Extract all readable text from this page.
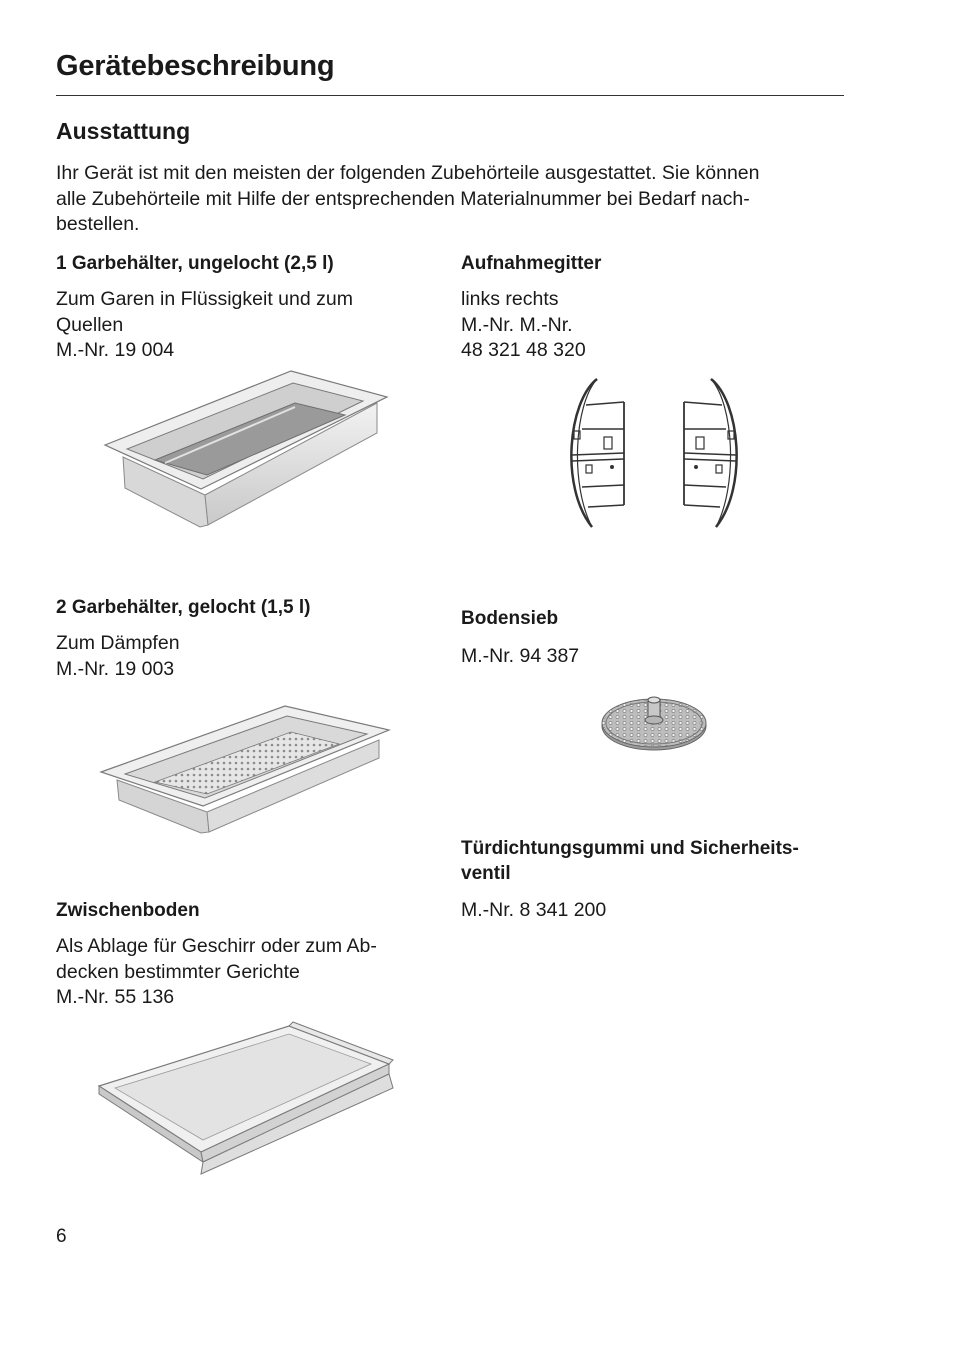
Gerätebeschreibung
Ausstattung
Ihr Gerät ist mit den meisten der folgenden Zubehörteile ausgestattet. Sie können
alle Zubehörteile mit Hilfe der entsprechenden Materialnummer bei Bedarf nach-
bestellen.
1 Garbehälter, ungelocht (2,5 l)
Zum Garen in Flüssigkeit und zum
Quellen
M.-Nr. 19 004
Aufnahmegitter
links rechts
M.-Nr. M.-Nr.
48 321 48 320
2 Garbehälter, gelocht (1,5 l)
Zum Dämpfen
M.-Nr. 19 003
Bodensieb
M.-Nr. 94 387
Türdichtungsgummi und Sicherheits-
ventil
M.-Nr. 8 341 200
Zwischenboden
Als Ablage für Geschirr oder zum Ab-
decken bestimmter Gerichte
M.-Nr. 55 136
6
